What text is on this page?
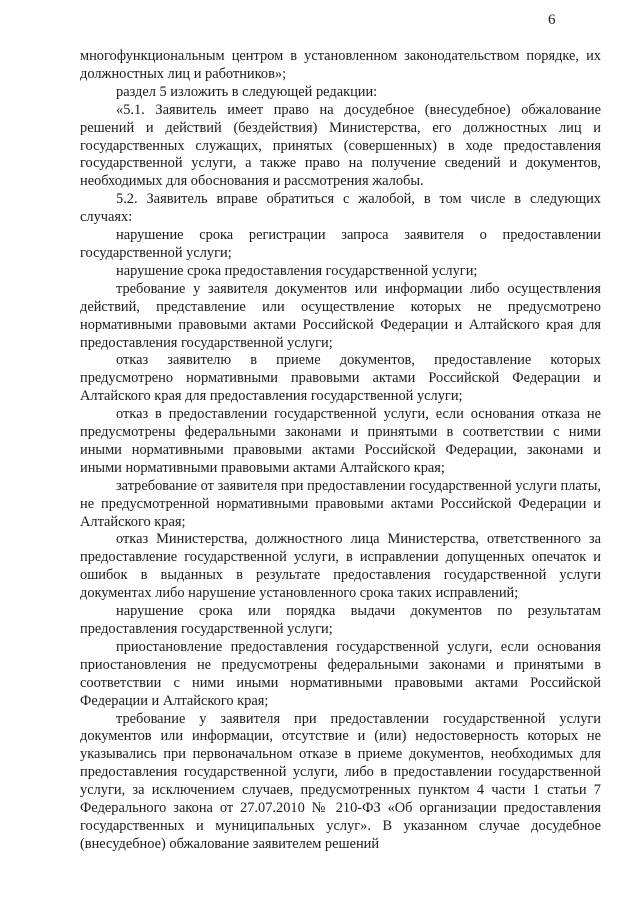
6

многофункциональным центром в установленном законодательством порядке, их должностных лиц и работников»;

раздел 5 изложить в следующей редакции:

«5.1. Заявитель имеет право на досудебное (внесудебное) обжалование решений и действий (бездействия) Министерства, его должностных лиц и государственных служащих, принятых (совершенных) в ходе предоставления государственной услуги, а также право на получение сведений и документов, необходимых для обоснования и рассмотрения жалобы.

5.2. Заявитель вправе обратиться с жалобой, в том числе в следующих случаях:

нарушение срока регистрации запроса заявителя о предоставлении государственной услуги;

нарушение срока предоставления государственной услуги;

требование у заявителя документов или информации либо осуществления действий, представление или осуществление которых не предусмотрено нормативными правовыми актами Российской Федерации и Алтайского края для предоставления государственной услуги;

отказ заявителю в приеме документов, предоставление которых предусмотрено нормативными правовыми актами Российской Федерации и Алтайского края для предоставления государственной услуги;

отказ в предоставлении государственной услуги, если основания отказа не предусмотрены федеральными законами и принятыми в соответствии с ними иными нормативными правовыми актами Российской Федерации, законами и иными нормативными правовыми актами Алтайского края;

затребование от заявителя при предоставлении государственной услуги платы, не предусмотренной нормативными правовыми актами Российской Федерации и Алтайского края;

отказ Министерства, должностного лица Министерства, ответственного за предоставление государственной услуги, в исправлении допущенных опечаток и ошибок в выданных в результате предоставления государственной услуги документах либо нарушение установленного срока таких исправлений;

нарушение срока или порядка выдачи документов по результатам предоставления государственной услуги;

приостановление предоставления государственной услуги, если основания приостановления не предусмотрены федеральными законами и принятыми в соответствии с ними иными нормативными правовыми актами Российской Федерации и Алтайского края;

требование у заявителя при предоставлении государственной услуги документов или информации, отсутствие и (или) недостоверность которых не указывались при первоначальном отказе в приеме документов, необходимых для предоставления государственной услуги, либо в предоставлении государственной услуги, за исключением случаев, предусмотренных пунктом 4 части 1 статьи 7 Федерального закона от 27.07.2010 № 210-ФЗ «Об организации предоставления государственных и муниципальных услуг». В указанном случае досудебное (внесудебное) обжалование заявителем решений
